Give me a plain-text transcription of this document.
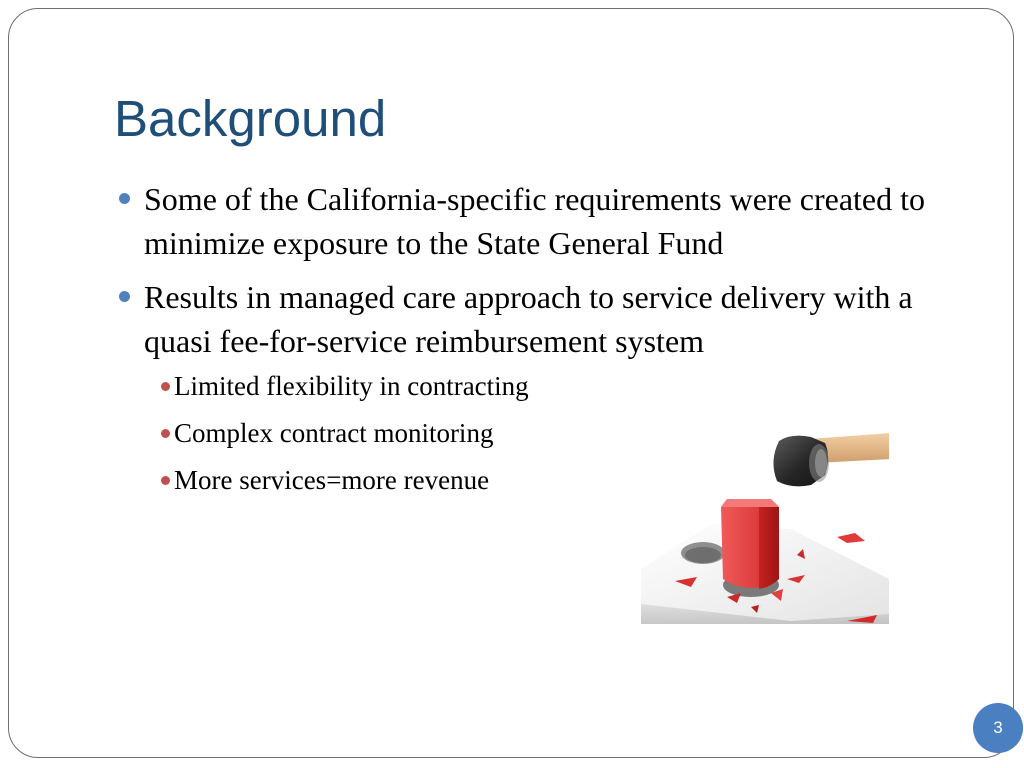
Background
Some of the California-specific requirements were created to minimize exposure to the State General Fund
Results in managed care approach to service delivery with a quasi fee-for-service reimbursement system
Limited flexibility in contracting
Complex contract monitoring
More services=more revenue
3
